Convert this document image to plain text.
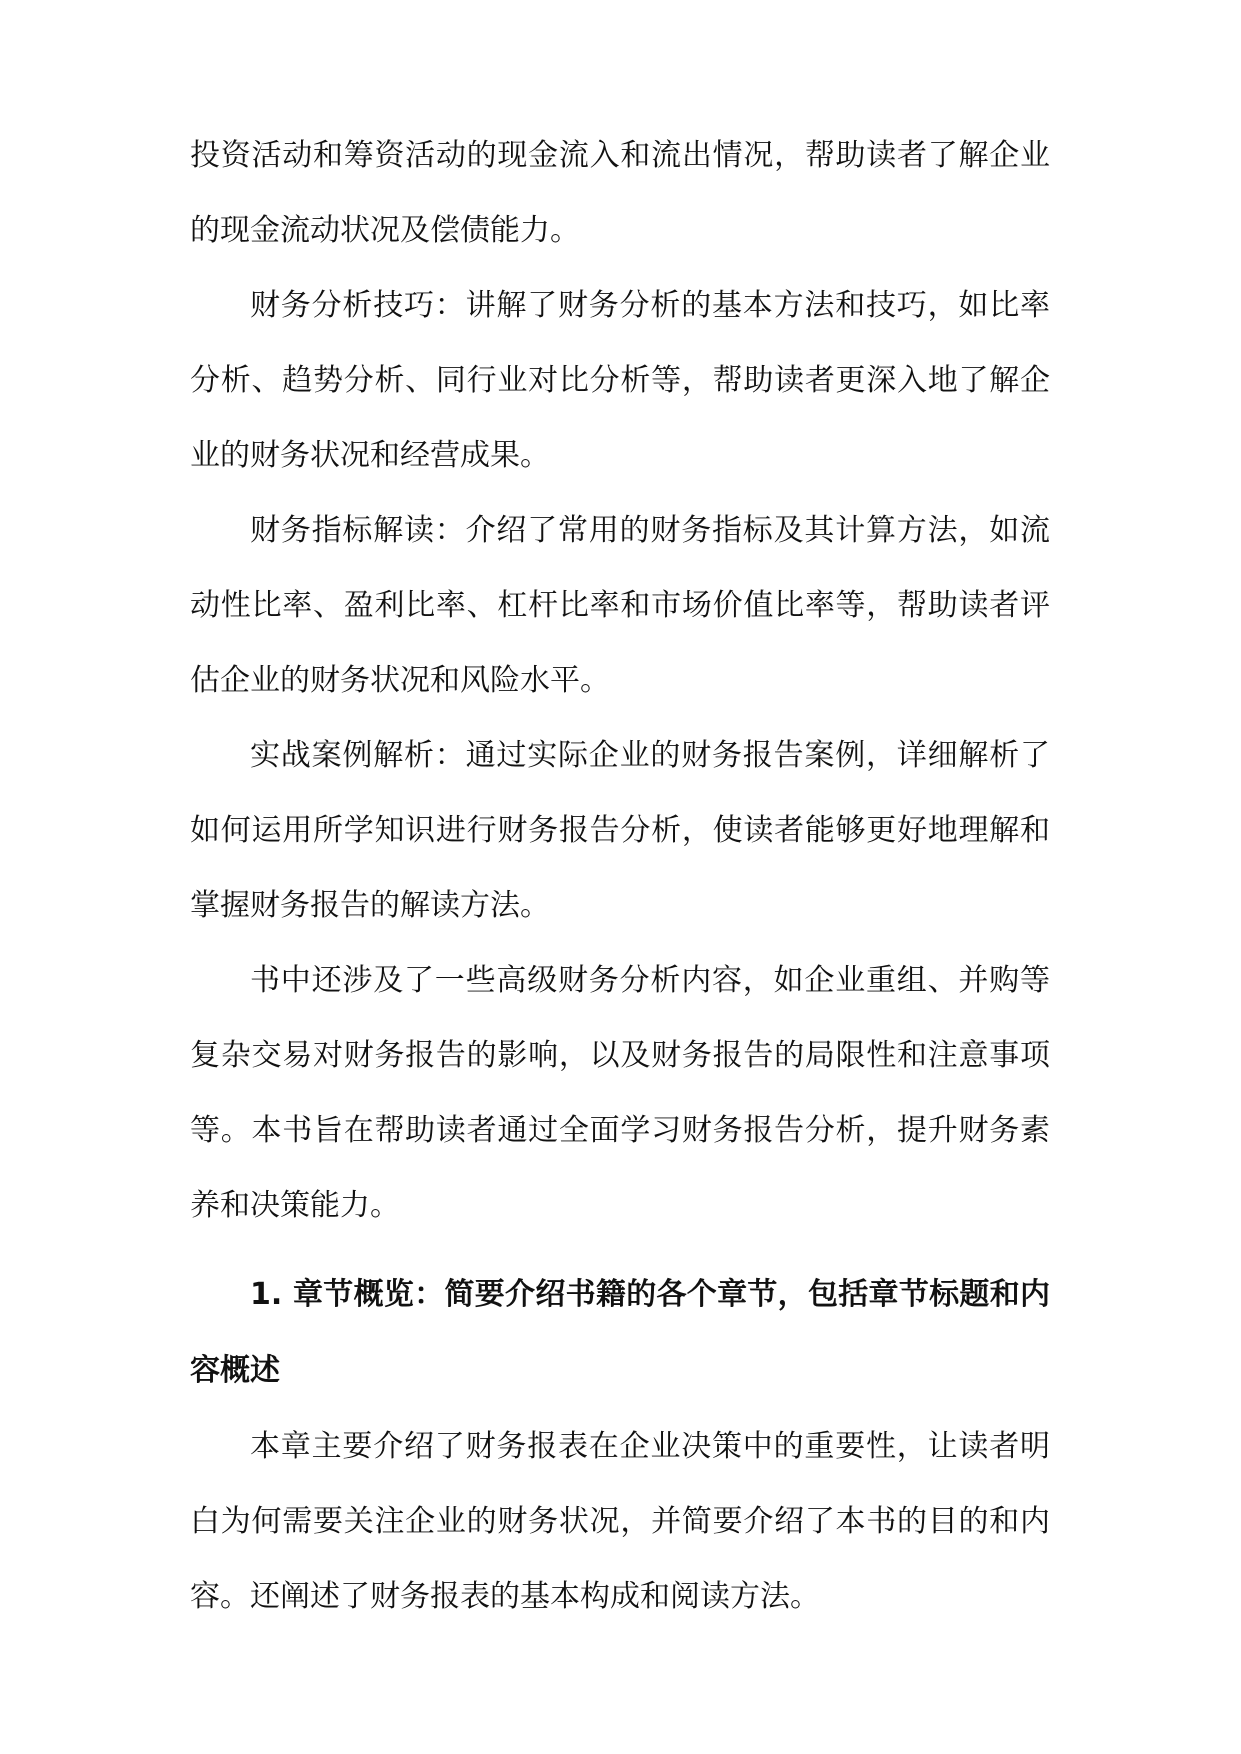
投资活动和筹资活动的现金流入和流出情况，帮助读者了解企业的现金流动状况及偿债能力。

财务分析技巧：讲解了财务分析的基本方法和技巧，如比率分析、趋势分析、同行业对比分析等，帮助读者更深入地了解企业的财务状况和经营成果。

财务指标解读：介绍了常用的财务指标及其计算方法，如流动性比率、盈利比率、杠杆比率和市场价值比率等，帮助读者评估企业的财务状况和风险水平。

实战案例解析：通过实际企业的财务报告案例，详细解析了如何运用所学知识进行财务报告分析，使读者能够更好地理解和掌握财务报告的解读方法。

书中还涉及了一些高级财务分析内容，如企业重组、并购等复杂交易对财务报告的影响，以及财务报告的局限性和注意事项等。本书旨在帮助读者通过全面学习财务报告分析，提升财务素养和决策能力。

1. 章节概览：简要介绍书籍的各个章节，包括章节标题和内容概述

本章主要介绍了财务报表在企业决策中的重要性，让读者明白为何需要关注企业的财务状况，并简要介绍了本书的目的和内容。还阐述了财务报表的基本构成和阅读方法。
